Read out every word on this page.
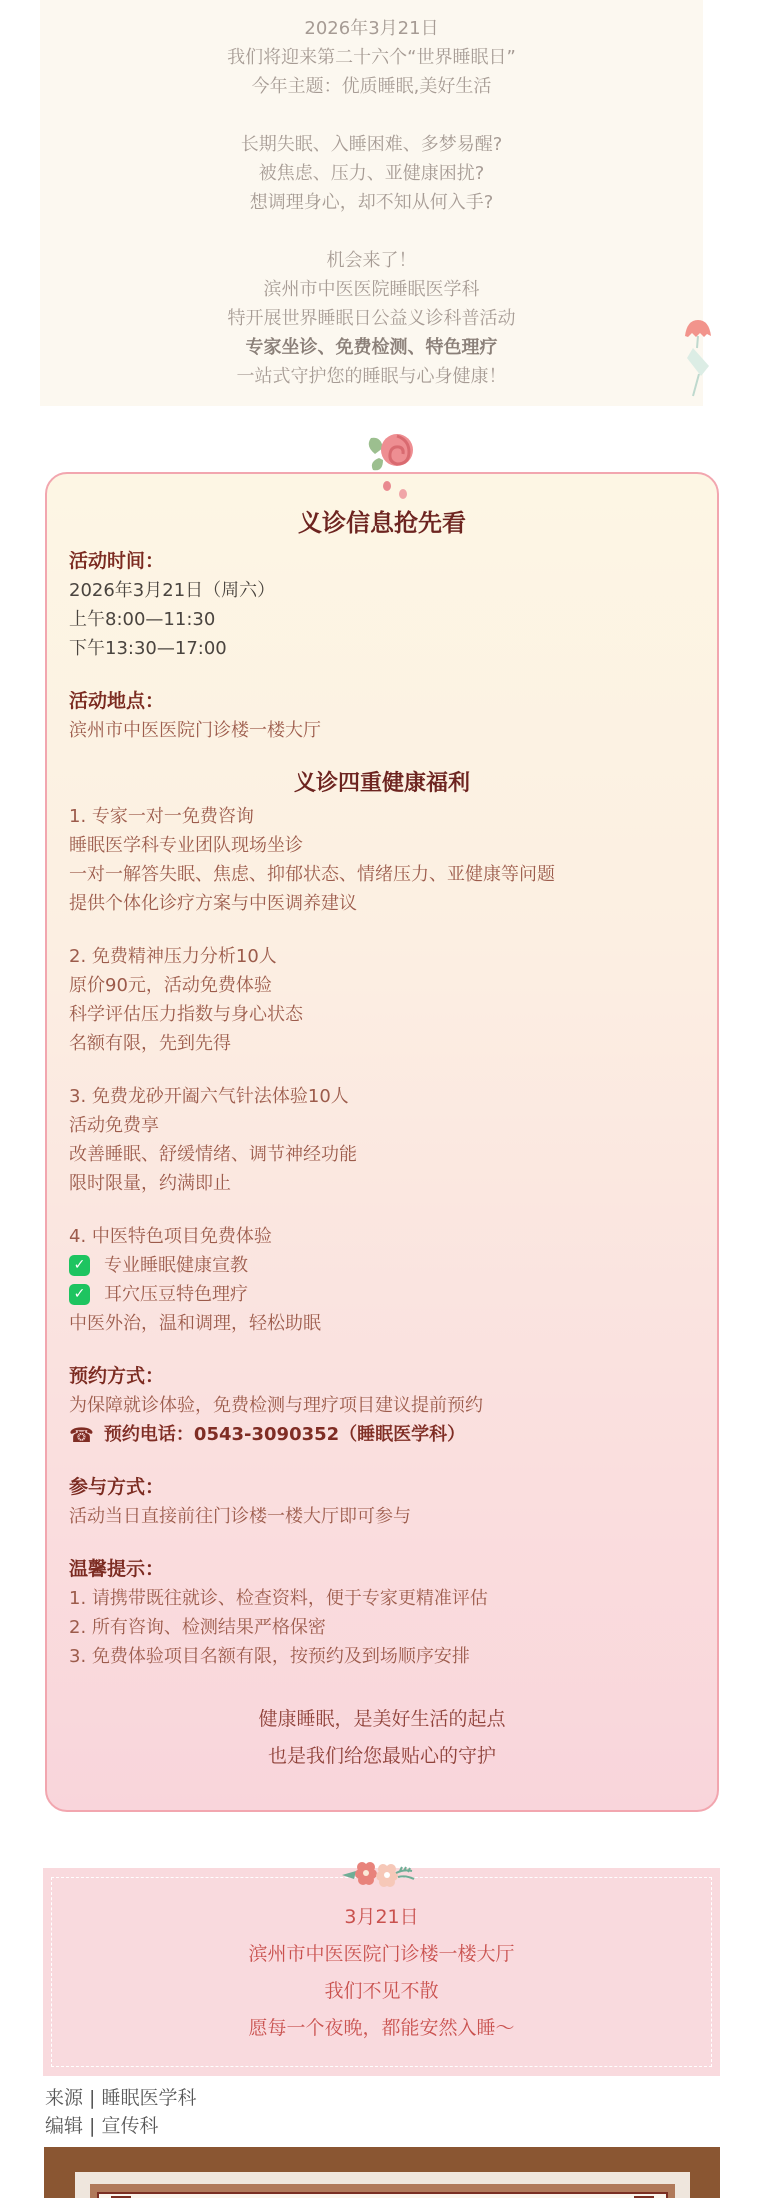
2026年3月21日

我们将迎来第二十六个“世界睡眠日”

今年主题：优质睡眠,美好生活

长期失眠、入睡困难、多梦易醒?

被焦虑、压力、亚健康困扰?

想调理身心，却不知从何入手?

机会来了！

滨州市中医医院睡眠医学科

特开展世界睡眠日公益义诊科普活动

专家坐诊、免费检测、特色理疗

一站式守护您的睡眠与心身健康！

义诊信息抢先看

活动时间：

2026年3月21日（周六）

上午8:00—11:30

下午13:30—17:00

活动地点：

滨州市中医医院门诊楼一楼大厅

义诊四重健康福利

1. 专家一对一免费咨询

睡眠医学科专业团队现场坐诊

一对一解答失眠、焦虑、抑郁状态、情绪压力、亚健康等问题

提供个体化诊疗方案与中医调养建议

2. 免费精神压力分析10人

原价90元，活动免费体验

科学评估压力指数与身心状态

名额有限，先到先得

3. 免费龙砂开阖六气针法体验10人

活动免费享

改善睡眠、舒缓情绪、调节神经功能

限时限量，约满即止

4. 中医特色项目免费体验

✓ 专业睡眠健康宣教
✓ 耳穴压豆特色理疗

中医外治，温和调理，轻松助眠

预约方式：

为保障就诊体验，免费检测与理疗项目建议提前预约

☎ 预约电话：0543-3090352（睡眠医学科）

参与方式：

活动当日直接前往门诊楼一楼大厅即可参与

温馨提示：

1. 请携带既往就诊、检查资料，便于专家更精准评估

2. 所有咨询、检测结果严格保密

3. 免费体验项目名额有限，按预约及到场顺序安排

健康睡眠，是美好生活的起点

也是我们给您最贴心的守护

3月21日

滨州市中医医院门诊楼一楼大厅

我们不见不散

愿每一个夜晚，都能安然入睡～

来源 | 睡眠医学科

编辑 | 宣传科
